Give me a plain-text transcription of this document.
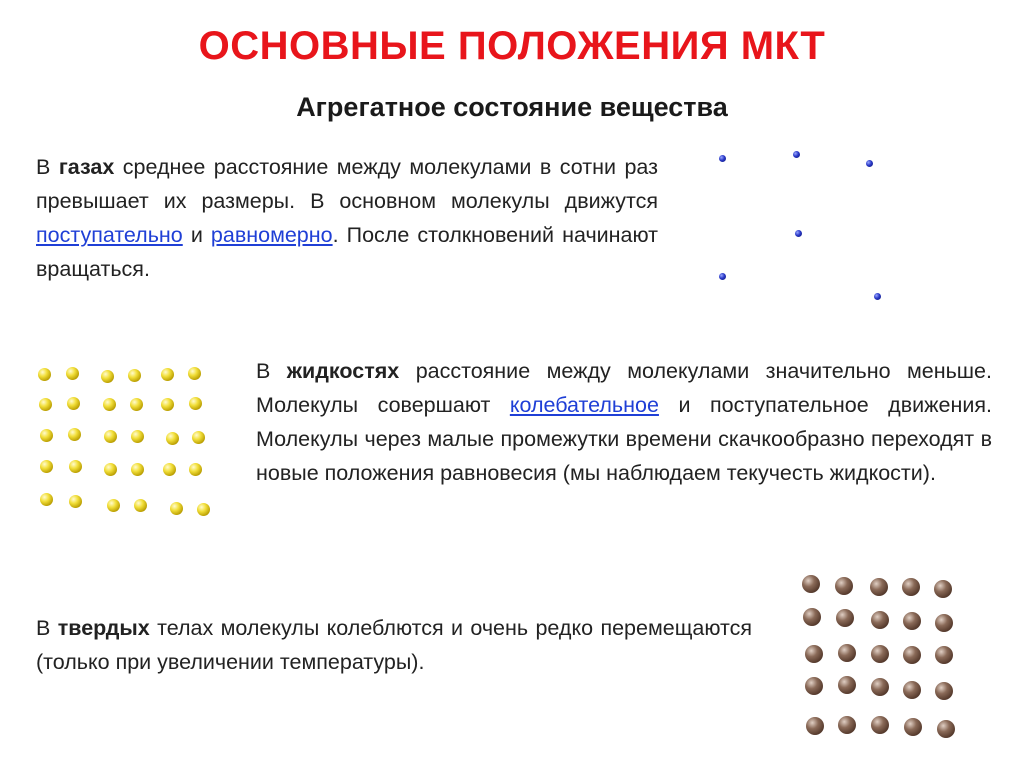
ОСНОВНЫЕ ПОЛОЖЕНИЯ МКТ
Агрегатное состояние вещества
В газах среднее расстояние между молекулами в сотни раз превышает их размеры. В основном молекулы движутся поступательно и равномерно. После столкновений начинают вращаться.
В жидкостях расстояние между молекулами значительно меньше. Молекулы совершают колебательное и поступательное движения. Молекулы через малые промежутки времени скачкообразно переходят в новые положения равновесия (мы наблюдаем текучесть жидкости).
В твердых телах молекулы колеблются и очень редко перемещаются (только при увеличении температуры).
